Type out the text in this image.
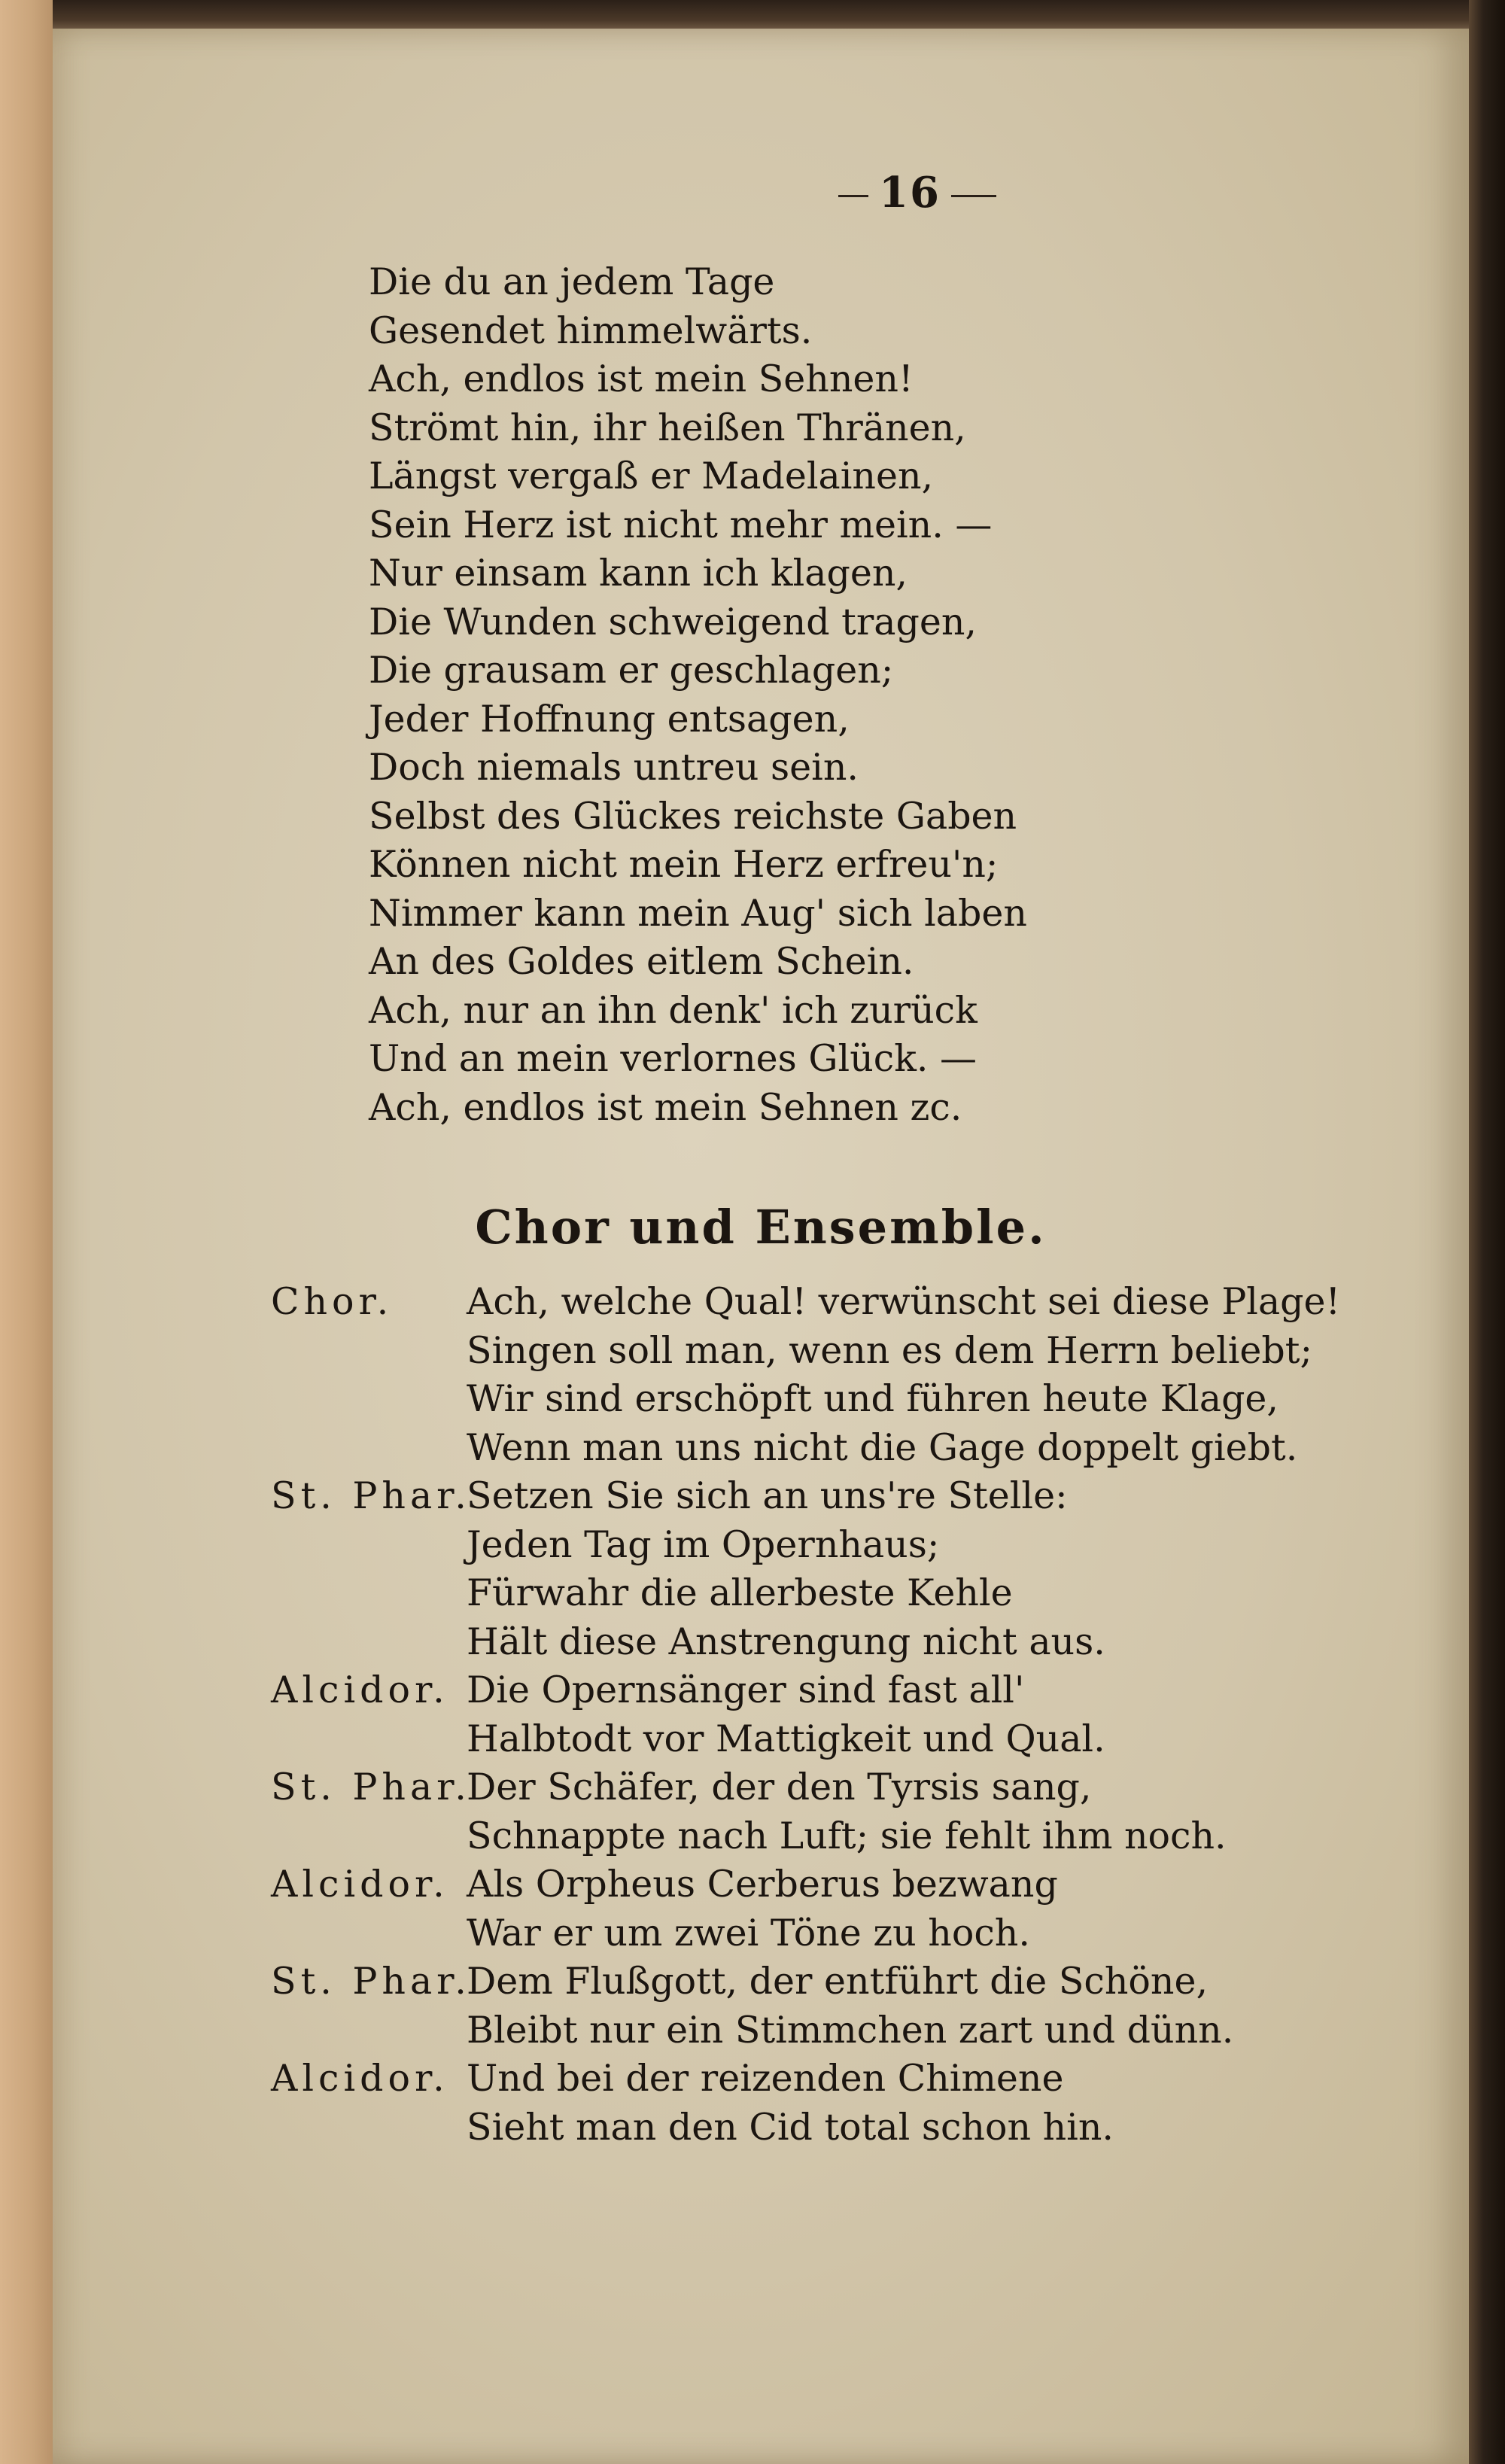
16
Die du an jedem Tage
Gesendet himmelwärts.
Ach, endlos ist mein Sehnen!
Strömt hin, ihr heißen Thränen,
Längst vergaß er Madelainen,
Sein Herz ist nicht mehr mein. —
Nur einsam kann ich klagen,
Die Wunden schweigend tragen,
Die grausam er geschlagen;
Jeder Hoffnung entsagen,
Doch niemals untreu sein.
Selbst des Glückes reichste Gaben
Können nicht mein Herz erfreu'n;
Nimmer kann mein Aug' sich laben
An des Goldes eitlem Schein.
Ach, nur an ihn denk' ich zurück
Und an mein verlornes Glück. —
Ach, endlos ist mein Sehnen zc.
Chor und Ensemble.
Chor. Ach, welche Qual! verwünscht sei diese Plage!
Singen soll man, wenn es dem Herrn beliebt;
Wir sind erschöpft und führen heute Klage,
Wenn man uns nicht die Gage doppelt giebt.
St. Phar.Setzen Sie sich an uns're Stelle:
Jeden Tag im Opernhaus;
Fürwahr die allerbeste Kehle
Hält diese Anstrengung nicht aus.
Alcidor. Die Opernsänger sind fast all'
Halbtodt vor Mattigkeit und Qual.
St. Phar.Der Schäfer, der den Tyrsis sang,
Schnappte nach Luft; sie fehlt ihm noch.
Alcidor. Als Orpheus Cerberus bezwang
War er um zwei Töne zu hoch.
St. Phar.Dem Flußgott, der entführt die Schöne,
Bleibt nur ein Stimmchen zart und dünn.
Alcidor. Und bei der reizenden Chimene
Sieht man den Cid total schon hin.
